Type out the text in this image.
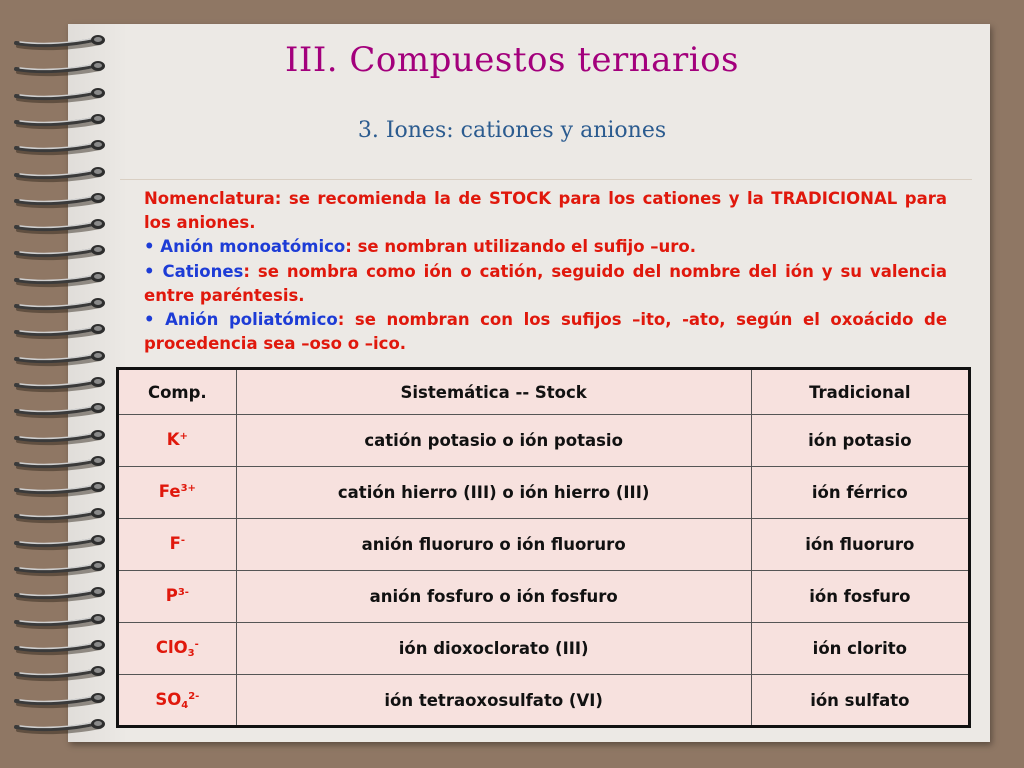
III. Compuestos ternarios
3. Iones: cationes y aniones

Nomenclatura: se recomienda la de STOCK para los cationes y la TRADICIONAL para los aniones.

• Anión monoatómico: se nombran utilizando el sufijo –uro.

• Cationes: se nombra como ión o catión, seguido del nombre del ión y su valencia entre paréntesis.

• Anión poliatómico: se nombran con los sufijos –ito, -ato, según el oxoácido de procedencia sea –oso o –ico.

Comp.	Sistemática -- Stock	Tradicional
K+	catión potasio o ión potasio	ión potasio
$Fe^{3+}$	catión hierro (III) o ión hierro (III)	ión férrico
F-	anión fluoruro o ión fluoruro	ión fluoruro
$P^{3-}$	anión fosfuro o ión fosfuro	ión fosfuro
ClO$_3$-	ión dioxoclorato (III)	ión clorito
$SO_4^{2-}$	ión tetraoxosulfato (VI)	ión sulfato
